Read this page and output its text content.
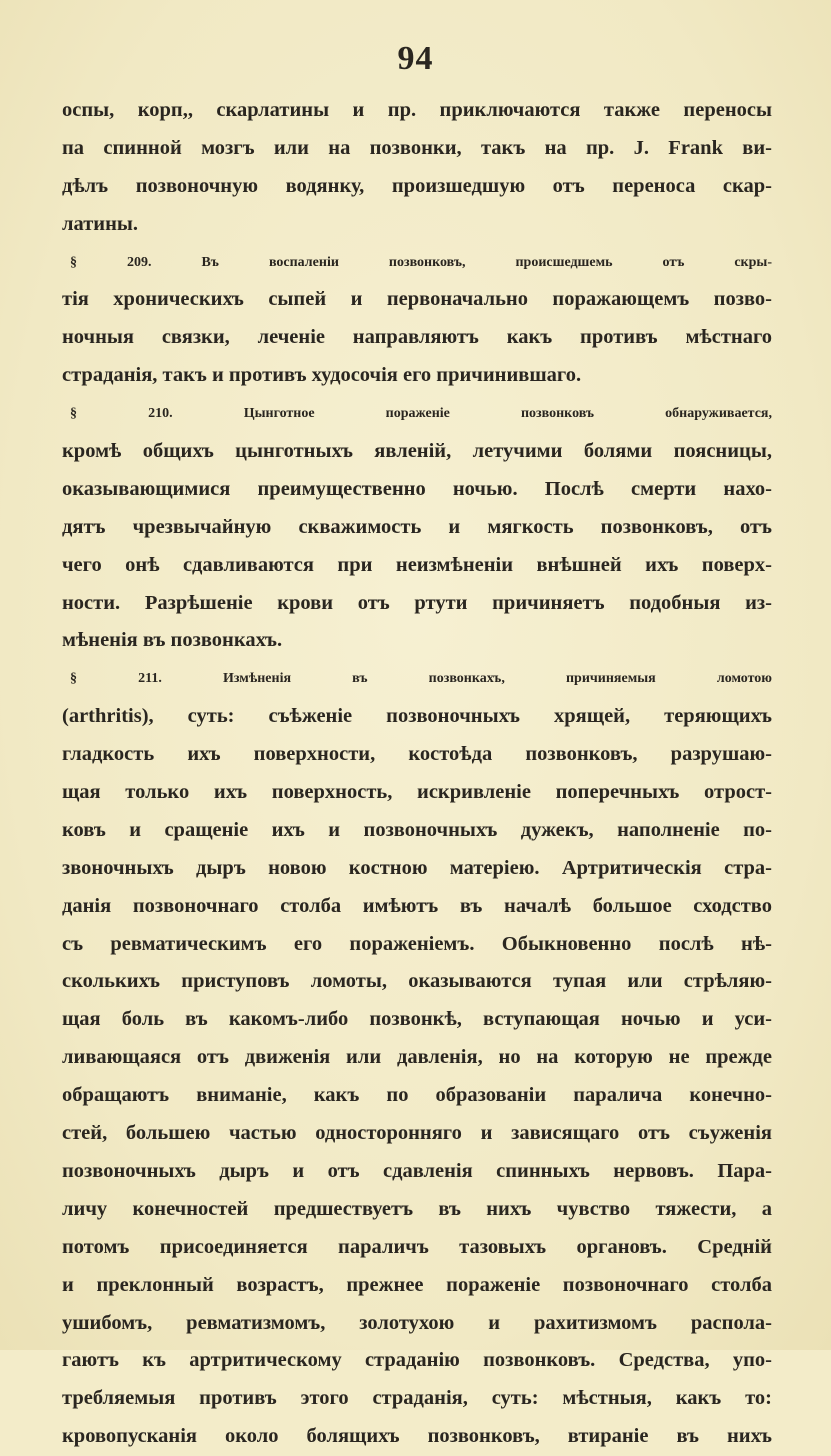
94
оспы, корп,, скарлатины и пр. приключаются также переносы
па спинной мозгъ или на позвонки, такъ на пр. J. Frank ви-
дѣлъ позвоночную водянку, произшедшую отъ переноса скар-
латины.
§ 209. Въ воспаленіи позвонковъ, происшедшемь отъ скры-
тія хроническихъ сыпей и первоначально поражающемъ позво-
ночныя связки, леченіе направляютъ какъ противъ мѣстнаго
страданія, такъ и противъ худосочія его причинившаго.
§ 210. Цынготное пораженіе позвонковъ обнаруживается,
кромѣ общихъ цынготныхъ явленій, летучими болями поясницы,
оказывающимися преимущественно ночью. Послѣ смерти нахо-
дятъ чрезвычайную скважимость и мягкость позвонковъ, отъ
чего онѣ сдавливаются при неизмѣненіи внѣшней ихъ поверх-
ности. Разрѣшеніе крови отъ ртути причиняетъ подобныя из-
мѣненія въ позвонкахъ.
§ 211. Измѣненія въ позвонкахъ, причиняемыя ломотою
(arthritis), суть: съѣженіе позвоночныхъ хрящей, теряющихъ
гладкость ихъ поверхности, костоѣда позвонковъ, разрушаю-
щая только ихъ поверхность, искривленіе поперечныхъ отрост-
ковъ и сращеніе ихъ и позвоночныхъ дужекъ, наполненіе по-
звоночныхъ дыръ новою костною матеріею. Артритическія стра-
данія позвоночнаго столба имѣютъ въ началѣ большое сходство
съ ревматическимъ его пораженіемъ. Обыкновенно послѣ нѣ-
сколькихъ приступовъ ломоты, оказываются тупая или стрѣляю-
щая боль въ какомъ-либо позвонкѣ, вступающая ночью и уси-
ливающаяся отъ движенія или давленія, но на которую не прежде
обращаютъ вниманіе, какъ по образованіи паралича конечно-
стей, большею частью односторонняго и зависящаго отъ съуженія
позвоночныхъ дыръ и отъ сдавленія спинныхъ нервовъ. Пара-
личу конечностей предшествуетъ въ нихъ чувство тяжести, а
потомъ присоединяется параличъ тазовыхъ органовъ. Средній
и преклонный возрастъ, прежнее пораженіе позвоночнаго столба
ушибомъ, ревматизмомъ, золотухою и рахитизмомъ распола-
гаютъ къ артритическому страданію позвонковъ. Средства, упо-
требляемыя противъ этого страданія, суть: мѣстныя, какъ то:
кровопусканія около болящихъ позвонковъ, втираніе въ нихъ
